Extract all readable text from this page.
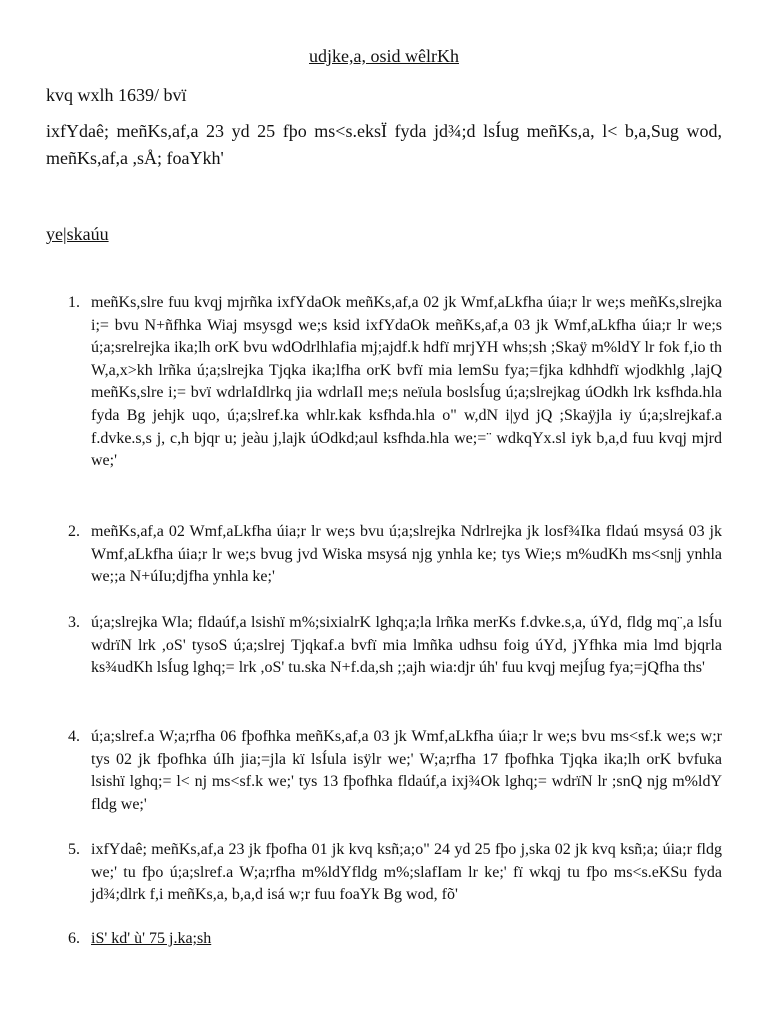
udjke,a, osid wêlrKh
kvq wxlh 1639/ bvï
ixfYdaê; meñKs,af,a 23 yd 25 fþo ms<s.eksÏ fyda jd¾;d lsÍug meñKs,a, l< b,a,Sug wod, meñKs,af,a ,sÅ; foaYkh'
ye|skaúu
1. meñKs,slre fuu kvqj mjrñka ixfYdaOk meñKs,af,a 02 jk Wmf,aLkfha úia;r lr we;s meñKs,slrejka i;= bvu N+ñfhka Wiaj msysgd we;s ksid ixfYdaOk meñKs,af,a 03 jk Wmf,aLkfha úia;r lr we;s ú;a;srelrejka ika;lh orK bvu wdOdrlhlafia mj;ajdf.k hdfï mrjYH whs;sh ;Skaÿ m%ldY lr fok f,io th W,a,x>kh lrñka ú;a;slrejka Tjqka ika;lfha orK bvfï mia lemSu fya;=fjka kdhhdfï wjodkhlg ,lajQ meñKs,slre i;= bvï wdrlaIdlrkq jia wdrlaIl me;s neïula boslsÍug ú;a;slrejkag úOdkh lrk ksfhda.hla fyda Bg jehjk uqo, ú;a;slref.ka whlr.kak ksfhda.hla o" w,dN i|yd jQ ;Skaÿjla iy ú;a;slrejkaf.a f.dvke.s,s j, c,h bjqr u; jeàu j,lajk úOdkd;aul ksfhda.hla we;=¨ wdkqYx.sl iyk b,a,d fuu kvqj mjrd we;'
2. meñKs,af,a 02 Wmf,aLkfha úia;r lr we;s bvu ú;a;slrejka Ndrlrejka jk losf¾Ika fldaú msysá 03 jk Wmf,aLkfha úia;r lr we;s bvug jvd Wiska msysá njg ynhla ke; tys Wie;s m%udKh ms<sn|j ynhla we;;a N+úIu;djfha ynhla ke;'
3. ú;a;slrejka Wla; fldaúf,a lsishï m%;sixialrK lghq;a;la lrñka merKs f.dvke.s,a, úYd, fldg mq¨,a lsÍu wdrïN lrk ,oS' tysoS ú;a;slrej Tjqkaf.a bvfï mia lmñka udhsu foig úYd, jYfhka mia lmd bjqrla ks¾udKh lsÍug lghq;= lrk ,oS' tu.ska N+f.da,sh ;;ajh wia:djr úh' fuu kvqj mejÍug fya;=jQfha ths'
4. ú;a;slref.a W;a;rfha 06 fþofhka meñKs,af,a 03 jk Wmf,aLkfha úia;r lr we;s bvu ms<sf.k we;s w;r tys 02 jk fþofhka úIh jia;=jla kï lsÍula isÿlr we;' W;a;rfha 17 fþofhka Tjqka ika;lh orK bvfuka lsishï lghq;= l< nj ms<sf.k we;' tys 13 fþofhka fldaúf,a ixj¾Ok lghq;= wdrïN lr ;snQ njg m%ldY fldg we;'
5. ixfYdaê; meñKs,af,a 23 jk fþofha 01 jk kvq ksñ;a;o" 24 yd 25 fþo j,ska 02 jk kvq ksñ;a; úia;r fldg we;' tu fþo ú;a;slref.a W;a;rfha m%ldYfldg m%;slafIam lr ke;' fï wkqj tu fþo ms<s.eKSu fyda jd¾;dlrk f,i meñKs,a, b,a,d isá w;r fuu foaYk Bg wod, fõ'
6. iS' kd' ù' 75 j.ka;sh
